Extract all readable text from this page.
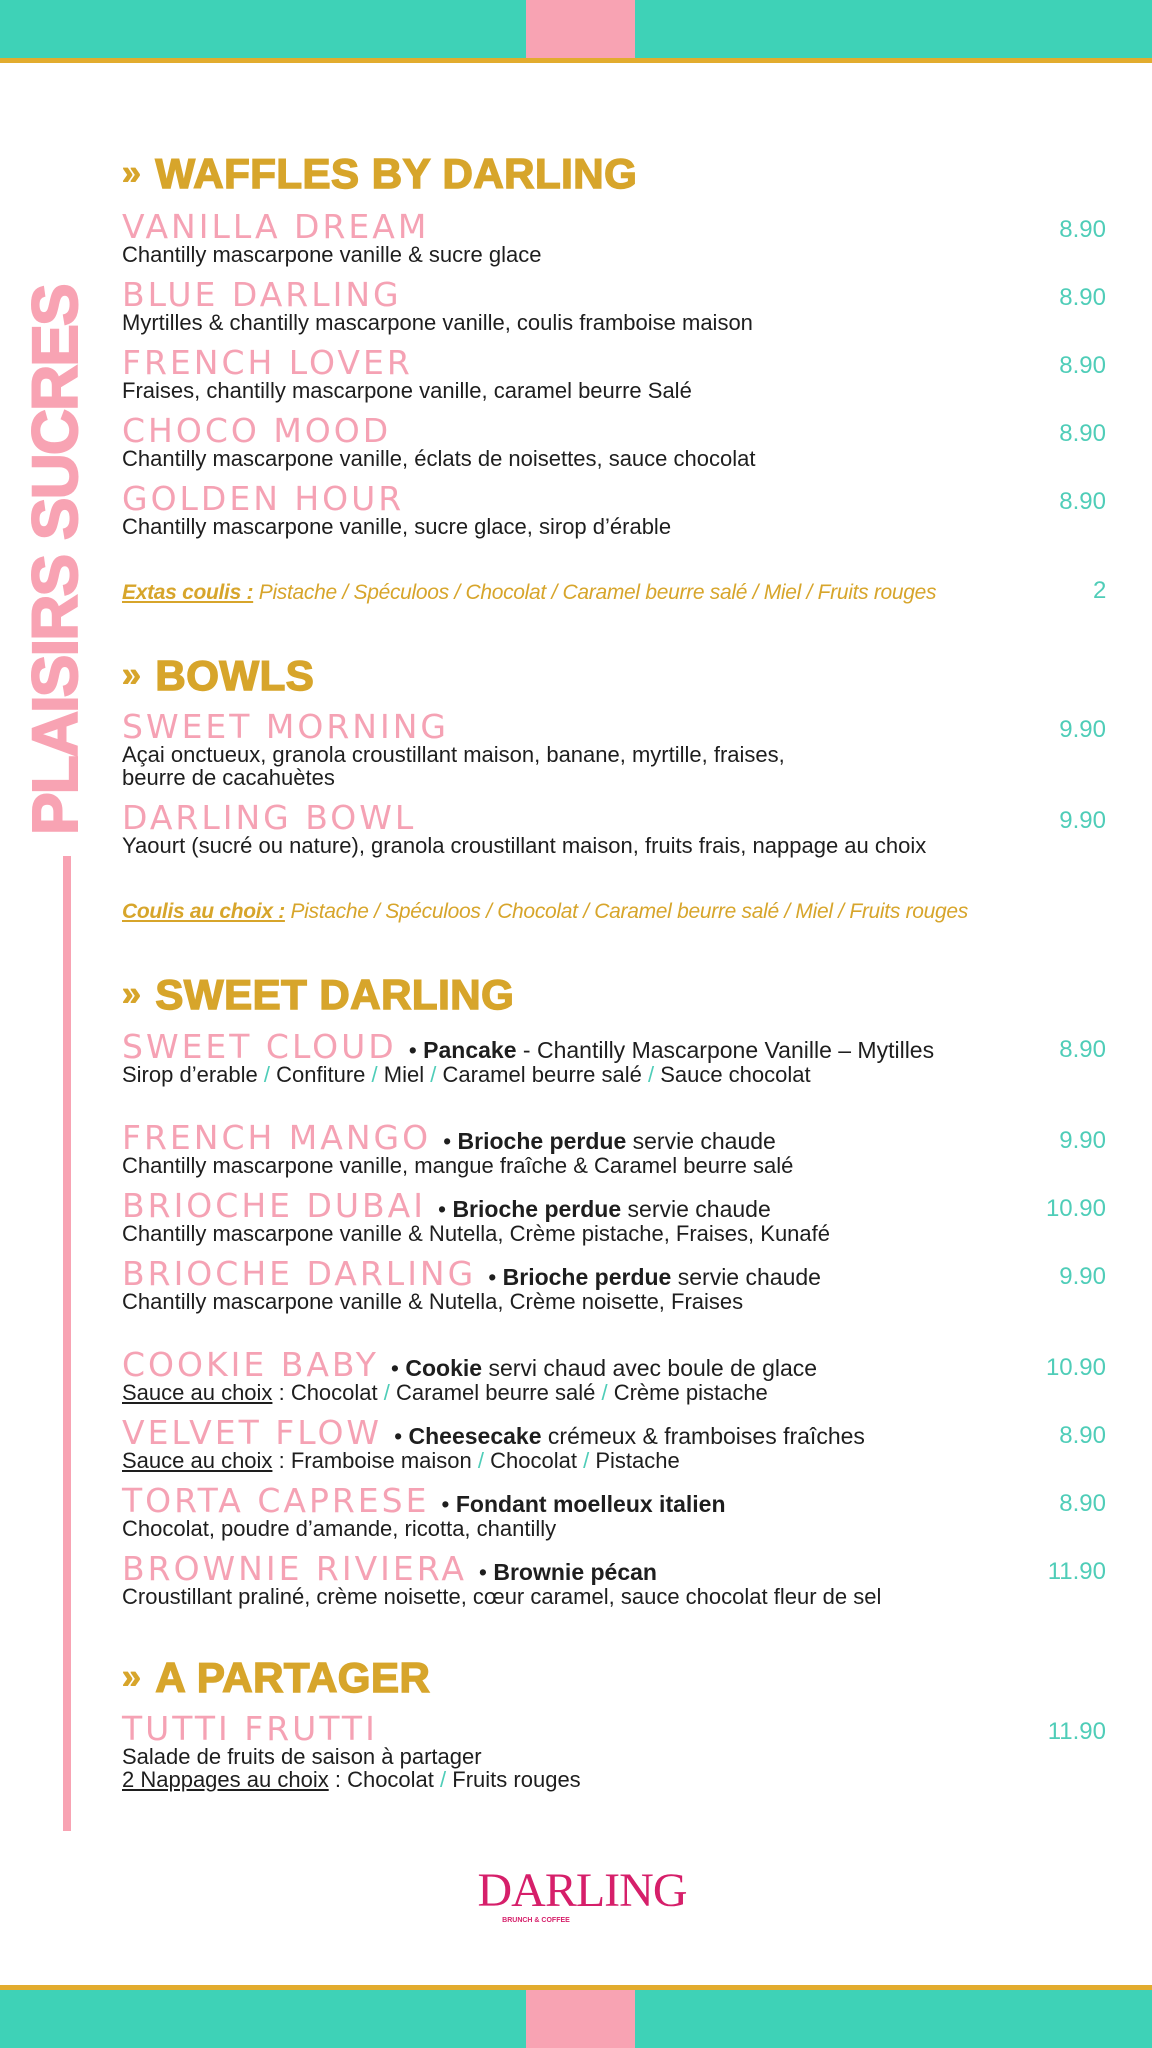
PLAISIRS SUCRES
» WAFFLES BY DARLING
VANILLA DREAM	8.90
Chantilly mascarpone vanille & sucre glace
BLUE DARLING	8.90
Myrtilles & chantilly mascarpone vanille, coulis framboise maison
FRENCH LOVER	8.90
Fraises, chantilly mascarpone vanille, caramel beurre Salé
CHOCO MOOD	8.90
Chantilly mascarpone vanille, éclats de noisettes, sauce chocolat
GOLDEN HOUR	8.90
Chantilly mascarpone vanille, sucre glace, sirop d’érable
Extas coulis : Pistache / Spéculoos / Chocolat / Caramel beurre salé / Miel / Fruits rouges	2
» BOWLS
SWEET MORNING	9.90
Açai onctueux, granola croustillant maison, banane, myrtille, fraises,
beurre de cacahuètes
DARLING BOWL	9.90
Yaourt (sucré ou nature), granola croustillant maison, fruits frais, nappage au choix
Coulis au choix : Pistache / Spéculoos / Chocolat / Caramel beurre salé / Miel / Fruits rouges
» SWEET DARLING
SWEET CLOUD • Pancake - Chantilly Mascarpone Vanille – Mytilles	8.90
Sirop d’erable / Confiture / Miel / Caramel beurre salé / Sauce chocolat
FRENCH MANGO • Brioche perdue servie chaude	9.90
Chantilly mascarpone vanille, mangue fraîche & Caramel beurre salé
BRIOCHE DUBAI • Brioche perdue servie chaude	10.90
Chantilly mascarpone vanille & Nutella, Crème pistache, Fraises, Kunafé
BRIOCHE DARLING • Brioche perdue servie chaude	9.90
Chantilly mascarpone vanille & Nutella, Crème noisette, Fraises
COOKIE BABY • Cookie servi chaud avec boule de glace	10.90
Sauce au choix : Chocolat / Caramel beurre salé / Crème pistache
VELVET FLOW • Cheesecake crémeux & framboises fraîches	8.90
Sauce au choix : Framboise maison / Chocolat / Pistache
TORTA CAPRESE • Fondant moelleux italien	8.90
Chocolat, poudre d’amande, ricotta, chantilly
BROWNIE RIVIERA • Brownie pécan	11.90
Croustillant praliné, crème noisette, cœur caramel, sauce chocolat fleur de sel
» A PARTAGER
TUTTI FRUTTI	11.90
Salade de fruits de saison à partager
2 Nappages au choix : Chocolat / Fruits rouges
DARLING
BRUNCH & COFFEE
